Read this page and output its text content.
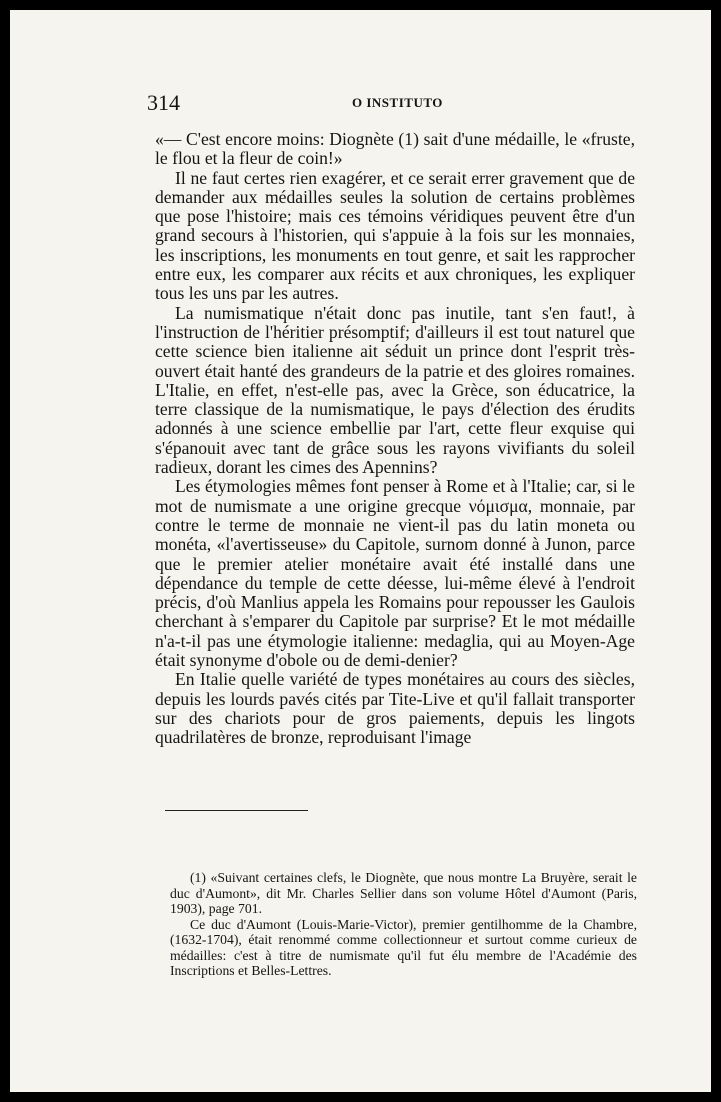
314	O INSTITUTO

«— C'est encore moins: Diognète (1) sait d'une médaille, le «fruste, le flou et la fleur de coin!»

Il ne faut certes rien exagérer, et ce serait errer gravement que de demander aux médailles seules la solution de certains problèmes que pose l'histoire; mais ces témoins véridiques peuvent être d'un grand secours à l'historien, qui s'appuie à la fois sur les monnaies, les inscriptions, les monuments en tout genre, et sait les rapprocher entre eux, les comparer aux récits et aux chroniques, les expliquer tous les uns par les autres.

La numismatique n'était donc pas inutile, tant s'en faut!, à l'instruction de l'héritier présomptif; d'ailleurs il est tout naturel que cette science bien italienne ait séduit un prince dont l'esprit très-ouvert était hanté des grandeurs de la patrie et des gloires romaines. L'Italie, en effet, n'est-elle pas, avec la Grèce, son éducatrice, la terre classique de la numismatique, le pays d'élection des érudits adonnés à une science embellie par l'art, cette fleur exquise qui s'épanouit avec tant de grâce sous les rayons vivifiants du soleil radieux, dorant les cimes des Apennins?

Les étymologies mêmes font penser à Rome et à l'Italie; car, si le mot de numismate a une origine grecque νόμισμα, monnaie, par contre le terme de monnaie ne vient-il pas du latin moneta ou monéta, «l'avertisseuse» du Capitole, surnom donné à Junon, parce que le premier atelier monétaire avait été installé dans une dépendance du temple de cette déesse, lui-même élevé à l'endroit précis, d'où Manlius appela les Romains pour repousser les Gaulois cherchant à s'emparer du Capitole par surprise? Et le mot médaille n'a-t-il pas une étymologie italienne: medaglia, qui au Moyen-Age était synonyme d'obole ou de demi-denier?

En Italie quelle variété de types monétaires au cours des siècles, depuis les lourds pavés cités par Tite-Live et qu'il fallait transporter sur des chariots pour de gros paiements, depuis les lingots quadrilatères de bronze, reproduisant l'image

(1) «Suivant certaines clefs, le Diognète, que nous montre La Bruyère, serait le duc d'Aumont», dit Mr. Charles Sellier dans son volume Hôtel d'Aumont (Paris, 1903), page 701.

Ce duc d'Aumont (Louis-Marie-Victor), premier gentilhomme de la Chambre, (1632-1704), était renommé comme collectionneur et surtout comme curieux de médailles: c'est à titre de numismate qu'il fut élu membre de l'Académie des Inscriptions et Belles-Lettres.
